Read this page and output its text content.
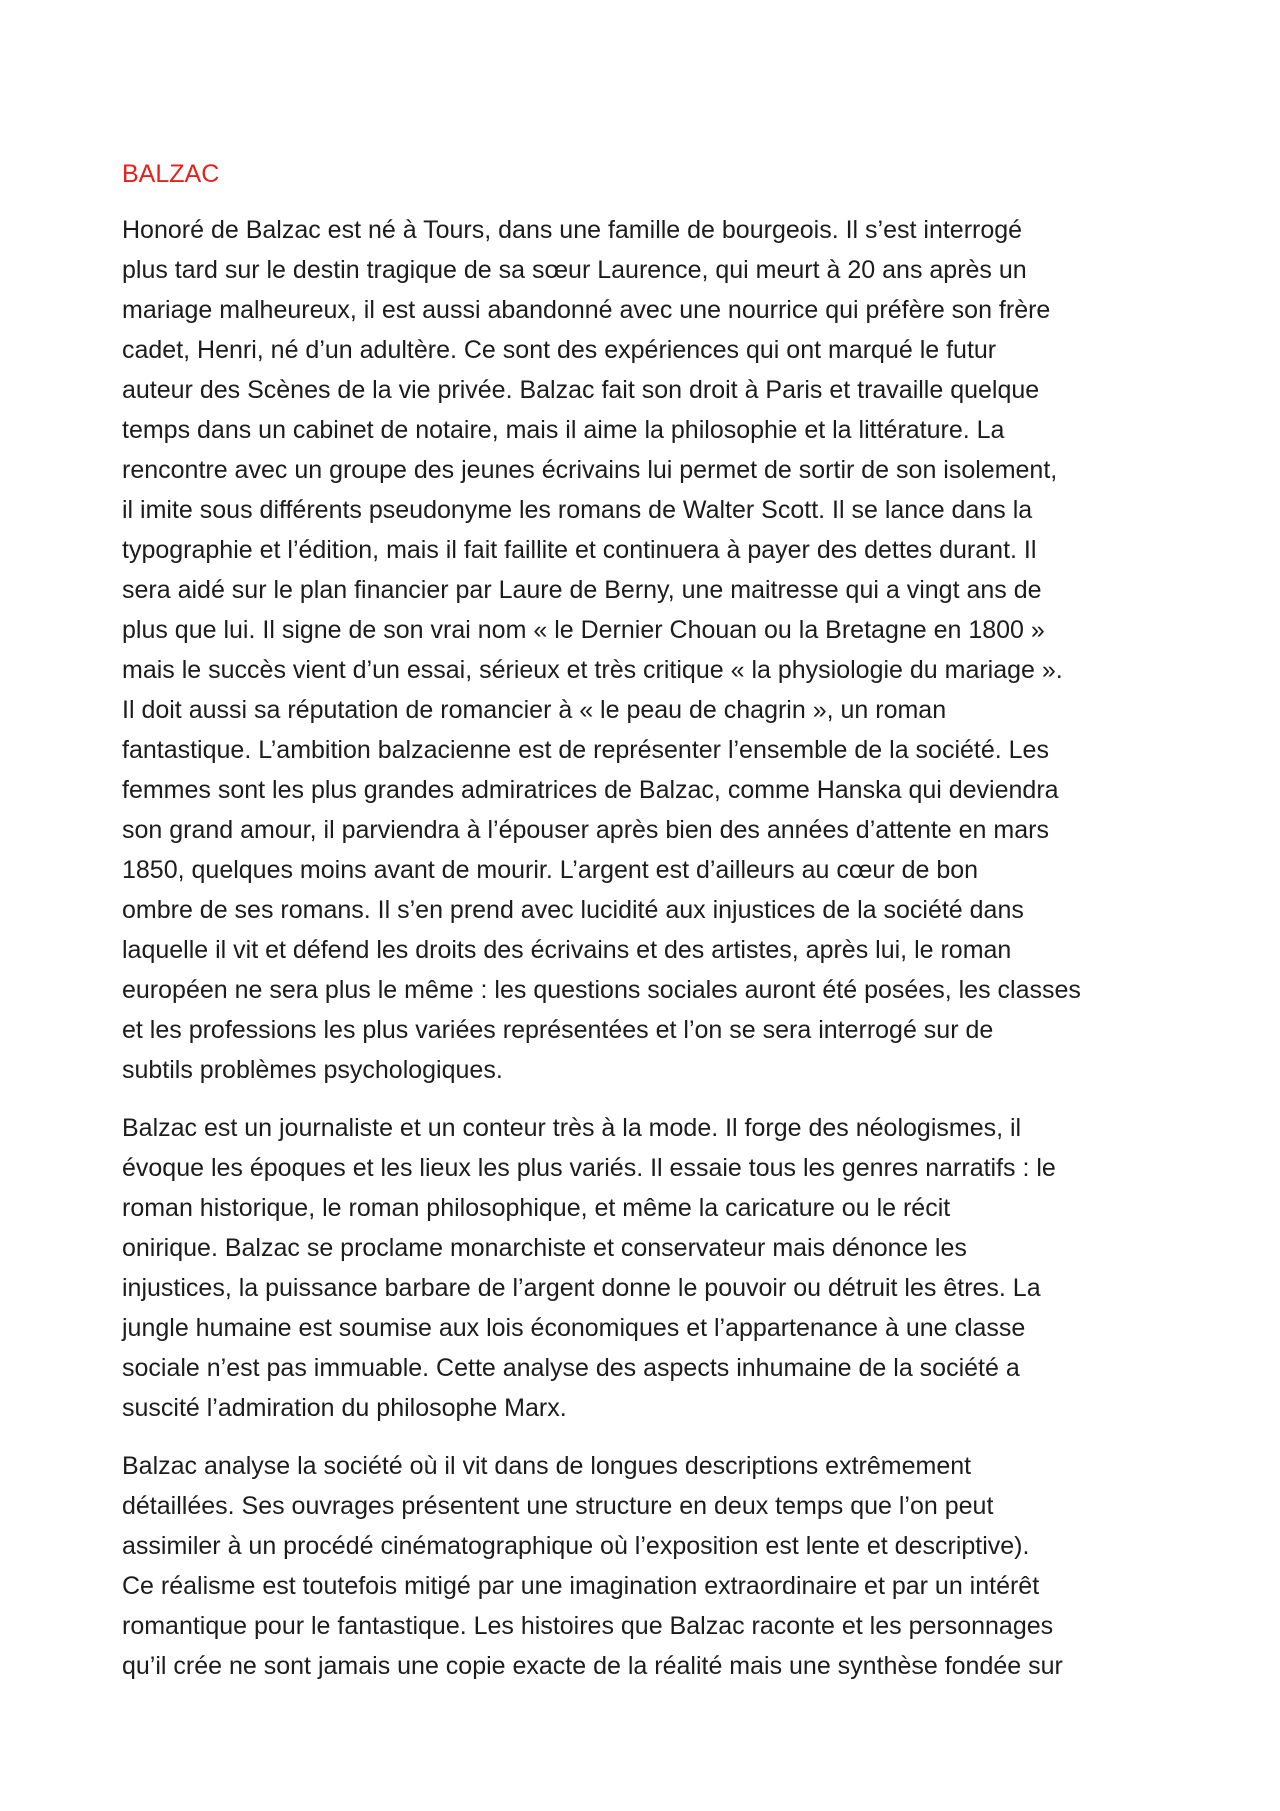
BALZAC

Honoré de Balzac est né à Tours, dans une famille de bourgeois. Il s’est interrogé
plus tard sur le destin tragique de sa sœur Laurence, qui meurt à 20 ans après un
mariage malheureux, il est aussi abandonné avec une nourrice qui préfère son frère
cadet, Henri, né d’un adultère. Ce sont des expériences qui ont marqué le futur
auteur des Scènes de la vie privée. Balzac fait son droit à Paris et travaille quelque
temps dans un cabinet de notaire, mais il aime la philosophie et la littérature. La
rencontre avec un groupe des jeunes écrivains lui permet de sortir de son isolement,
il imite sous différents pseudonyme les romans de Walter Scott. Il se lance dans la
typographie et l’édition, mais il fait faillite et continuera à payer des dettes durant. Il
sera aidé sur le plan financier par Laure de Berny, une maitresse qui a vingt ans de
plus que lui. Il signe de son vrai nom « le Dernier Chouan ou la Bretagne en 1800 »
mais le succès vient d’un essai, sérieux et très critique « la physiologie du mariage ».
Il doit aussi sa réputation de romancier à « le peau de chagrin », un roman
fantastique. L’ambition balzacienne est de représenter l’ensemble de la société. Les
femmes sont les plus grandes admiratrices de Balzac, comme Hanska qui deviendra
son grand amour, il parviendra à l’épouser après bien des années d’attente en mars
1850, quelques moins avant de mourir. L’argent est d’ailleurs au cœur de bon
ombre de ses romans. Il s’en prend avec lucidité aux injustices de la société dans
laquelle il vit et défend les droits des écrivains et des artistes, après lui, le roman
européen ne sera plus le même : les questions sociales auront été posées, les classes
et les professions les plus variées représentées et l’on se sera interrogé sur de
subtils problèmes psychologiques.

Balzac est un journaliste et un conteur très à la mode. Il forge des néologismes, il
évoque les époques et les lieux les plus variés. Il essaie tous les genres narratifs : le
roman historique, le roman philosophique, et même la caricature ou le récit
onirique. Balzac se proclame monarchiste et conservateur mais dénonce les
injustices, la puissance barbare de l’argent donne le pouvoir ou détruit les êtres. La
jungle humaine est soumise aux lois économiques et l’appartenance à une classe
sociale n’est pas immuable. Cette analyse des aspects inhumaine de la société a
suscité l’admiration du philosophe Marx.

Balzac analyse la société où il vit dans de longues descriptions extrêmement
détaillées. Ses ouvrages présentent une structure en deux temps que l’on peut
assimiler à un procédé cinématographique où l’exposition est lente et descriptive).
Ce réalisme est toutefois mitigé par une imagination extraordinaire et par un intérêt
romantique pour le fantastique. Les histoires que Balzac raconte et les personnages
qu’il crée ne sont jamais une copie exacte de la réalité mais une synthèse fondée sur
